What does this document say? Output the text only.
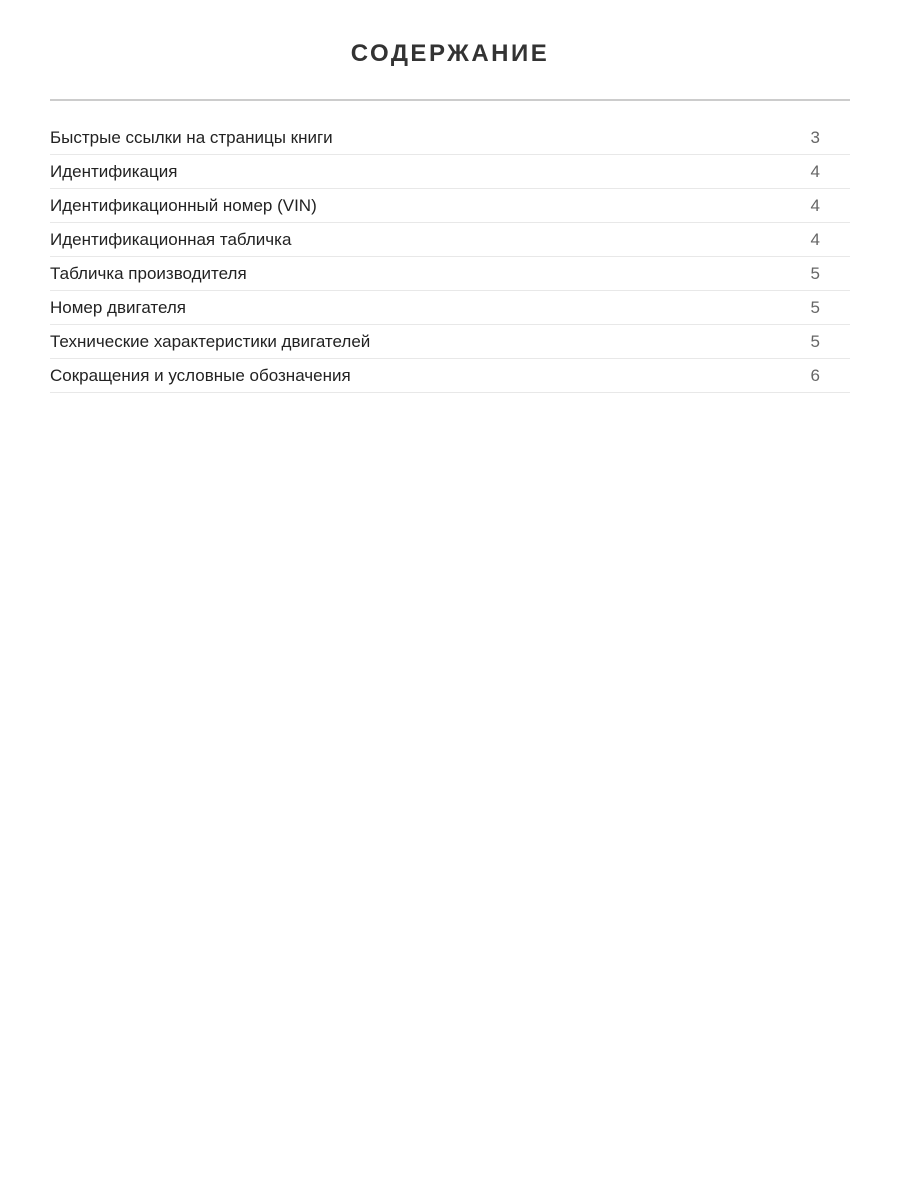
СОДЕРЖАНИЕ
Быстрые ссылки на страницы книги	3
Идентификация	4
Идентификационный номер (VIN)	4
Идентификационная табличка	4
Табличка производителя	5
Номер двигателя	5
Технические характеристики двигателей	5
Сокращения и условные обозначения	6
